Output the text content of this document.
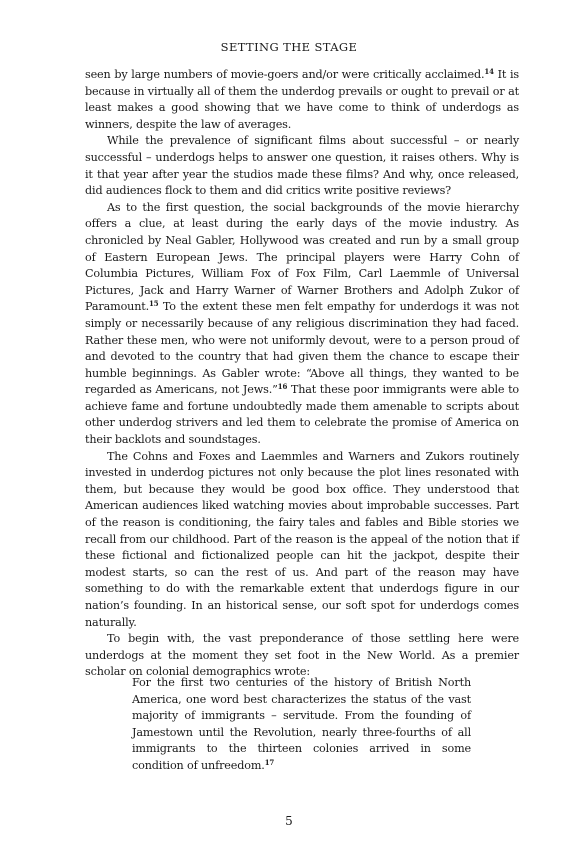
SETTING THE STAGE

seen by large numbers of movie-goers and/or were critically acclaimed.$^{14}$ It is because in virtually all of them the underdog prevails or ought to prevail or at least makes a good showing that we have come to think of underdogs as winners, despite the law of averages.

While the prevalence of significant films about successful – or nearly successful – underdogs helps to answer one question, it raises others. Why is it that year after year the studios made these films? And why, once released, did audiences flock to them and did critics write positive reviews?

As to the first question, the social backgrounds of the movie hierarchy offers a clue, at least during the early days of the movie industry. As chronicled by Neal Gabler, Hollywood was created and run by a small group of Eastern European Jews. The principal players were Harry Cohn of Columbia Pictures, William Fox of Fox Film, Carl Laemmle of Universal Pictures, Jack and Harry Warner of Warner Brothers and Adolph Zukor of Paramount.$^{15}$ To the extent these men felt empathy for underdogs it was not simply or necessarily because of any religious discrimination they had faced. Rather these men, who were not uniformly devout, were to a person proud of and devoted to the country that had given them the chance to escape their humble beginnings. As Gabler wrote: “Above all things, they wanted to be regarded as Americans, not Jews.”$^{16}$ That these poor immigrants were able to achieve fame and fortune undoubtedly made them amenable to scripts about other underdog strivers and led them to celebrate the promise of America on their backlots and soundstages.

The Cohns and Foxes and Laemmles and Warners and Zukors routinely invested in underdog pictures not only because the plot lines resonated with them, but because they would be good box office. They understood that American audiences liked watching movies about improbable successes. Part of the reason is conditioning, the fairy tales and fables and Bible stories we recall from our childhood. Part of the reason is the appeal of the notion that if these fictional and fictionalized people can hit the jackpot, despite their modest starts, so can the rest of us. And part of the reason may have something to do with the remarkable extent that underdogs figure in our nation’s founding. In an historical sense, our soft spot for underdogs comes naturally.

To begin with, the vast preponderance of those settling here were underdogs at the moment they set foot in the New World. As a premier scholar on colonial demographics wrote:

For the first two centuries of the history of British North America, one word best characterizes the status of the vast majority of immigrants – servitude. From the founding of Jamestown until the Revolution, nearly three-fourths of all immigrants to the thirteen colonies arrived in some condition of unfreedom.$^{17}$

5
